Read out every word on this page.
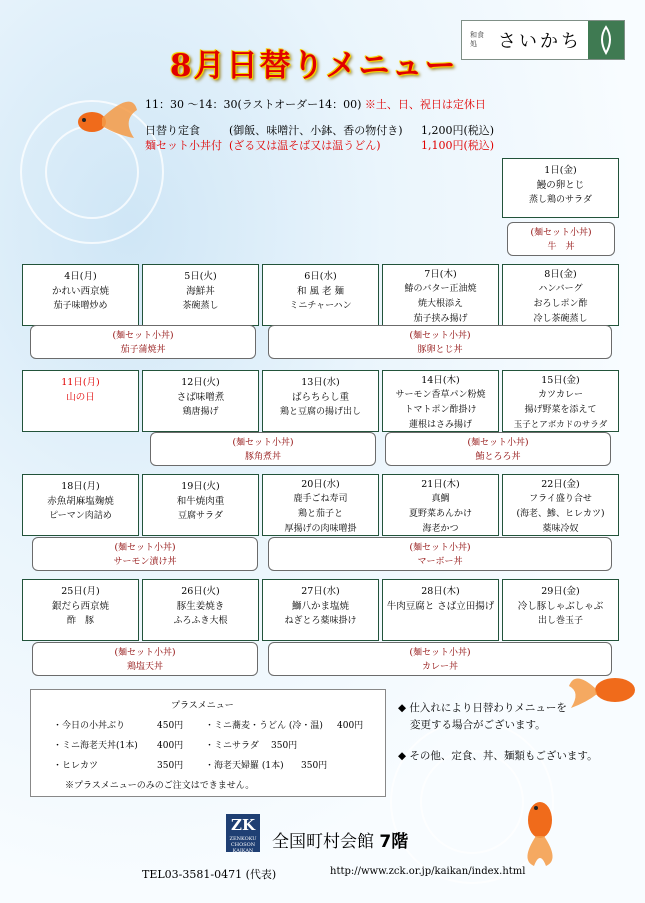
和食処	さいかち
8月日替りメニュー
11：30 ～14：30(ラストオーダー14：00) ※土、日、祝日は定休日
日替り定食	(御飯、味噌汁、小鉢、香の物付き) 1,200円(税込)
麺セット小丼付 (ざる又は温そば又は温うどん)	1,100円(税込)
1日(金)
鰻の卵とじ
蒸し鶏のサラダ
4日(月)
かれい西京焼
茄子味噌炒め
5日(火)
海鮮丼
茶碗蒸し
6日(水)
和 風 老 麺
ミニチャーハン
7日(木)
鰆のバター正油焼
焼大根添え
茄子挟み揚げ
8日(金)
ハンバーグ
おろしポン酢
冷し茶碗蒸し
11日(月)
山の日
12日(火)
さば味噌煮
鶏唐揚げ
13日(水)
ばらちらし重
鶏と豆腐の揚げ出し
14日(木)
サーモン香草パン粉焼
トマトポン酢掛け
蓮根はさみ揚げ
15日(金)
カツカレー
揚げ野菜を添えて
玉子とアボカドのサラダ
18日(月)
赤魚胡麻塩麹焼
ピーマン肉詰め
19日(火)
和牛焼肉重
豆腐サラダ
20日(水)
鹿手ごね寿司
鶏と茄子と
厚揚げの肉味噌掛
21日(木)
真鯛
夏野菜あんかけ
海老かつ
22日(金)
フライ盛り合せ
(海老、鯵、ヒレカツ)
薬味冷奴
25日(月)
銀だら西京焼
酢　豚
26日(火)
豚生姜焼き
ふろふき大根
27日(水)
鰤八かま塩焼
ねぎとろ薬味掛け
28日(木)
牛肉豆腐と さば立田揚げ
29日(金)
冷し豚しゃぶしゃぶ
出し巻玉子
(麺セット小丼)
牛　丼
(麺セット小丼)
茄子蒲焼丼
(麺セット小丼)
豚卵とじ丼
(麺セット小丼)
豚角煮丼
(麺セット小丼)
鮪とろろ丼
(麺セット小丼)
サーモン漬け丼
(麺セット小丼)
マーボー丼
(麺セット小丼)
鶏塩天丼
(麺セット小丼)
カレー丼
プラスメニュー
・今日の小丼ぶり	450円 ・ミニ蕎麦・うどん (冷・温) 400円
・ミニ海老天丼(1本) 400円 ・ミニサラダ 350円
・ヒレカツ	350円 ・海老天婦羅 (1本) 350円
※プラスメニューのみのご注文はできません。
◆ 仕入れにより日替わりメニューを
変更する場合がございます。
◆ その他、定食、丼、麺類もございます。
ZK
ZENKOKU CHOSON KAIKAN	全国町村会館 7階
TEL03-3581-0471 (代表)	http://www.zck.or.jp/kaikan/index.html
